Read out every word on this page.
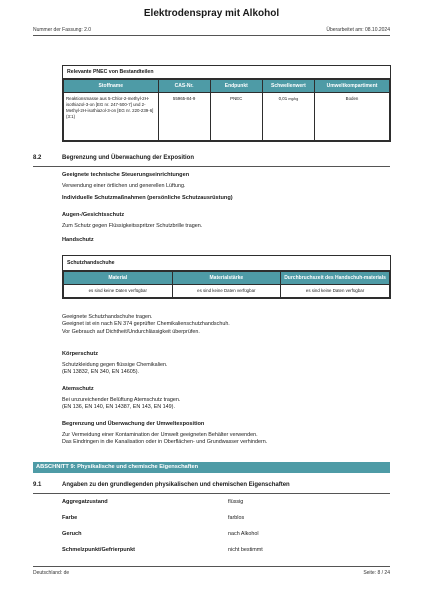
Elektrodenspray mit Alkohol
Nummer der Fassung: 2.0	Überarbeitet am: 08.10.2024
Relevante PNEC von Bestandteilen
Stoffname	CAS-Nr.	Endpunkt	Schwellenwert	Umweltkompartiment
Reaktionsmasse aus 5-Chlor-2-methyl-2H-isothiazol-3-on [EG nr. 247-500-7] und 2-Methyl-2H-isothiazol-3-on [EG nr. 220-239-6] (3:1)	55965-84-9	PNEC	0,01 mg/kg	Boden
8.2	Begrenzung und Überwachung der Exposition
Geeignete technische Steuerungseinrichtungen
Verwendung einer örtlichen und generellen Lüftung.
Individuelle Schutzmaßnahmen (persönliche Schutzausrüstung)
Augen-/Gesichtsschutz
Zum Schutz gegen Flüssigkeitsspritzer Schutzbrille tragen.
Handschutz
Schutzhandschuhe
Material	Materialstärke	Durchbruchszeit des Handschuh-materials
es sind keine Daten verfügbar	es sind keine Daten verfügbar	es sind keine Daten verfügbar
Geeignete Schutzhandschuhe tragen.
Geeignet ist ein nach EN 374 geprüfter Chemikalienschutzhandschuh.
Vor Gebrauch auf Dichtheit/Undurchlässigkeit überprüfen.
Körperschutz
Schutzkleidung gegen flüssige Chemikalien.
(EN 13832, EN 340, EN 14605).
Atemschutz
Bei unzureichender Belüftung Atemschutz tragen.
(EN 136, EN 140, EN 14387, EN 143, EN 149).
Begrenzung und Überwachung der Umweltexposition
Zur Vermeidung einer Kontamination der Umwelt geeigneten Behälter verwenden.
Das Eindringen in die Kanalisation oder in Oberflächen- und Grundwasser verhindern.
ABSCHNITT 9: Physikalische und chemische Eigenschaften
9.1	Angaben zu den grundlegenden physikalischen und chemischen Eigenschaften
Aggregatzustand	flüssig
Farbe	farblos
Geruch	nach Alkohol
Schmelzpunkt/Gefrierpunkt	nicht bestimmt
Deutschland: de	Seite: 8 / 24
